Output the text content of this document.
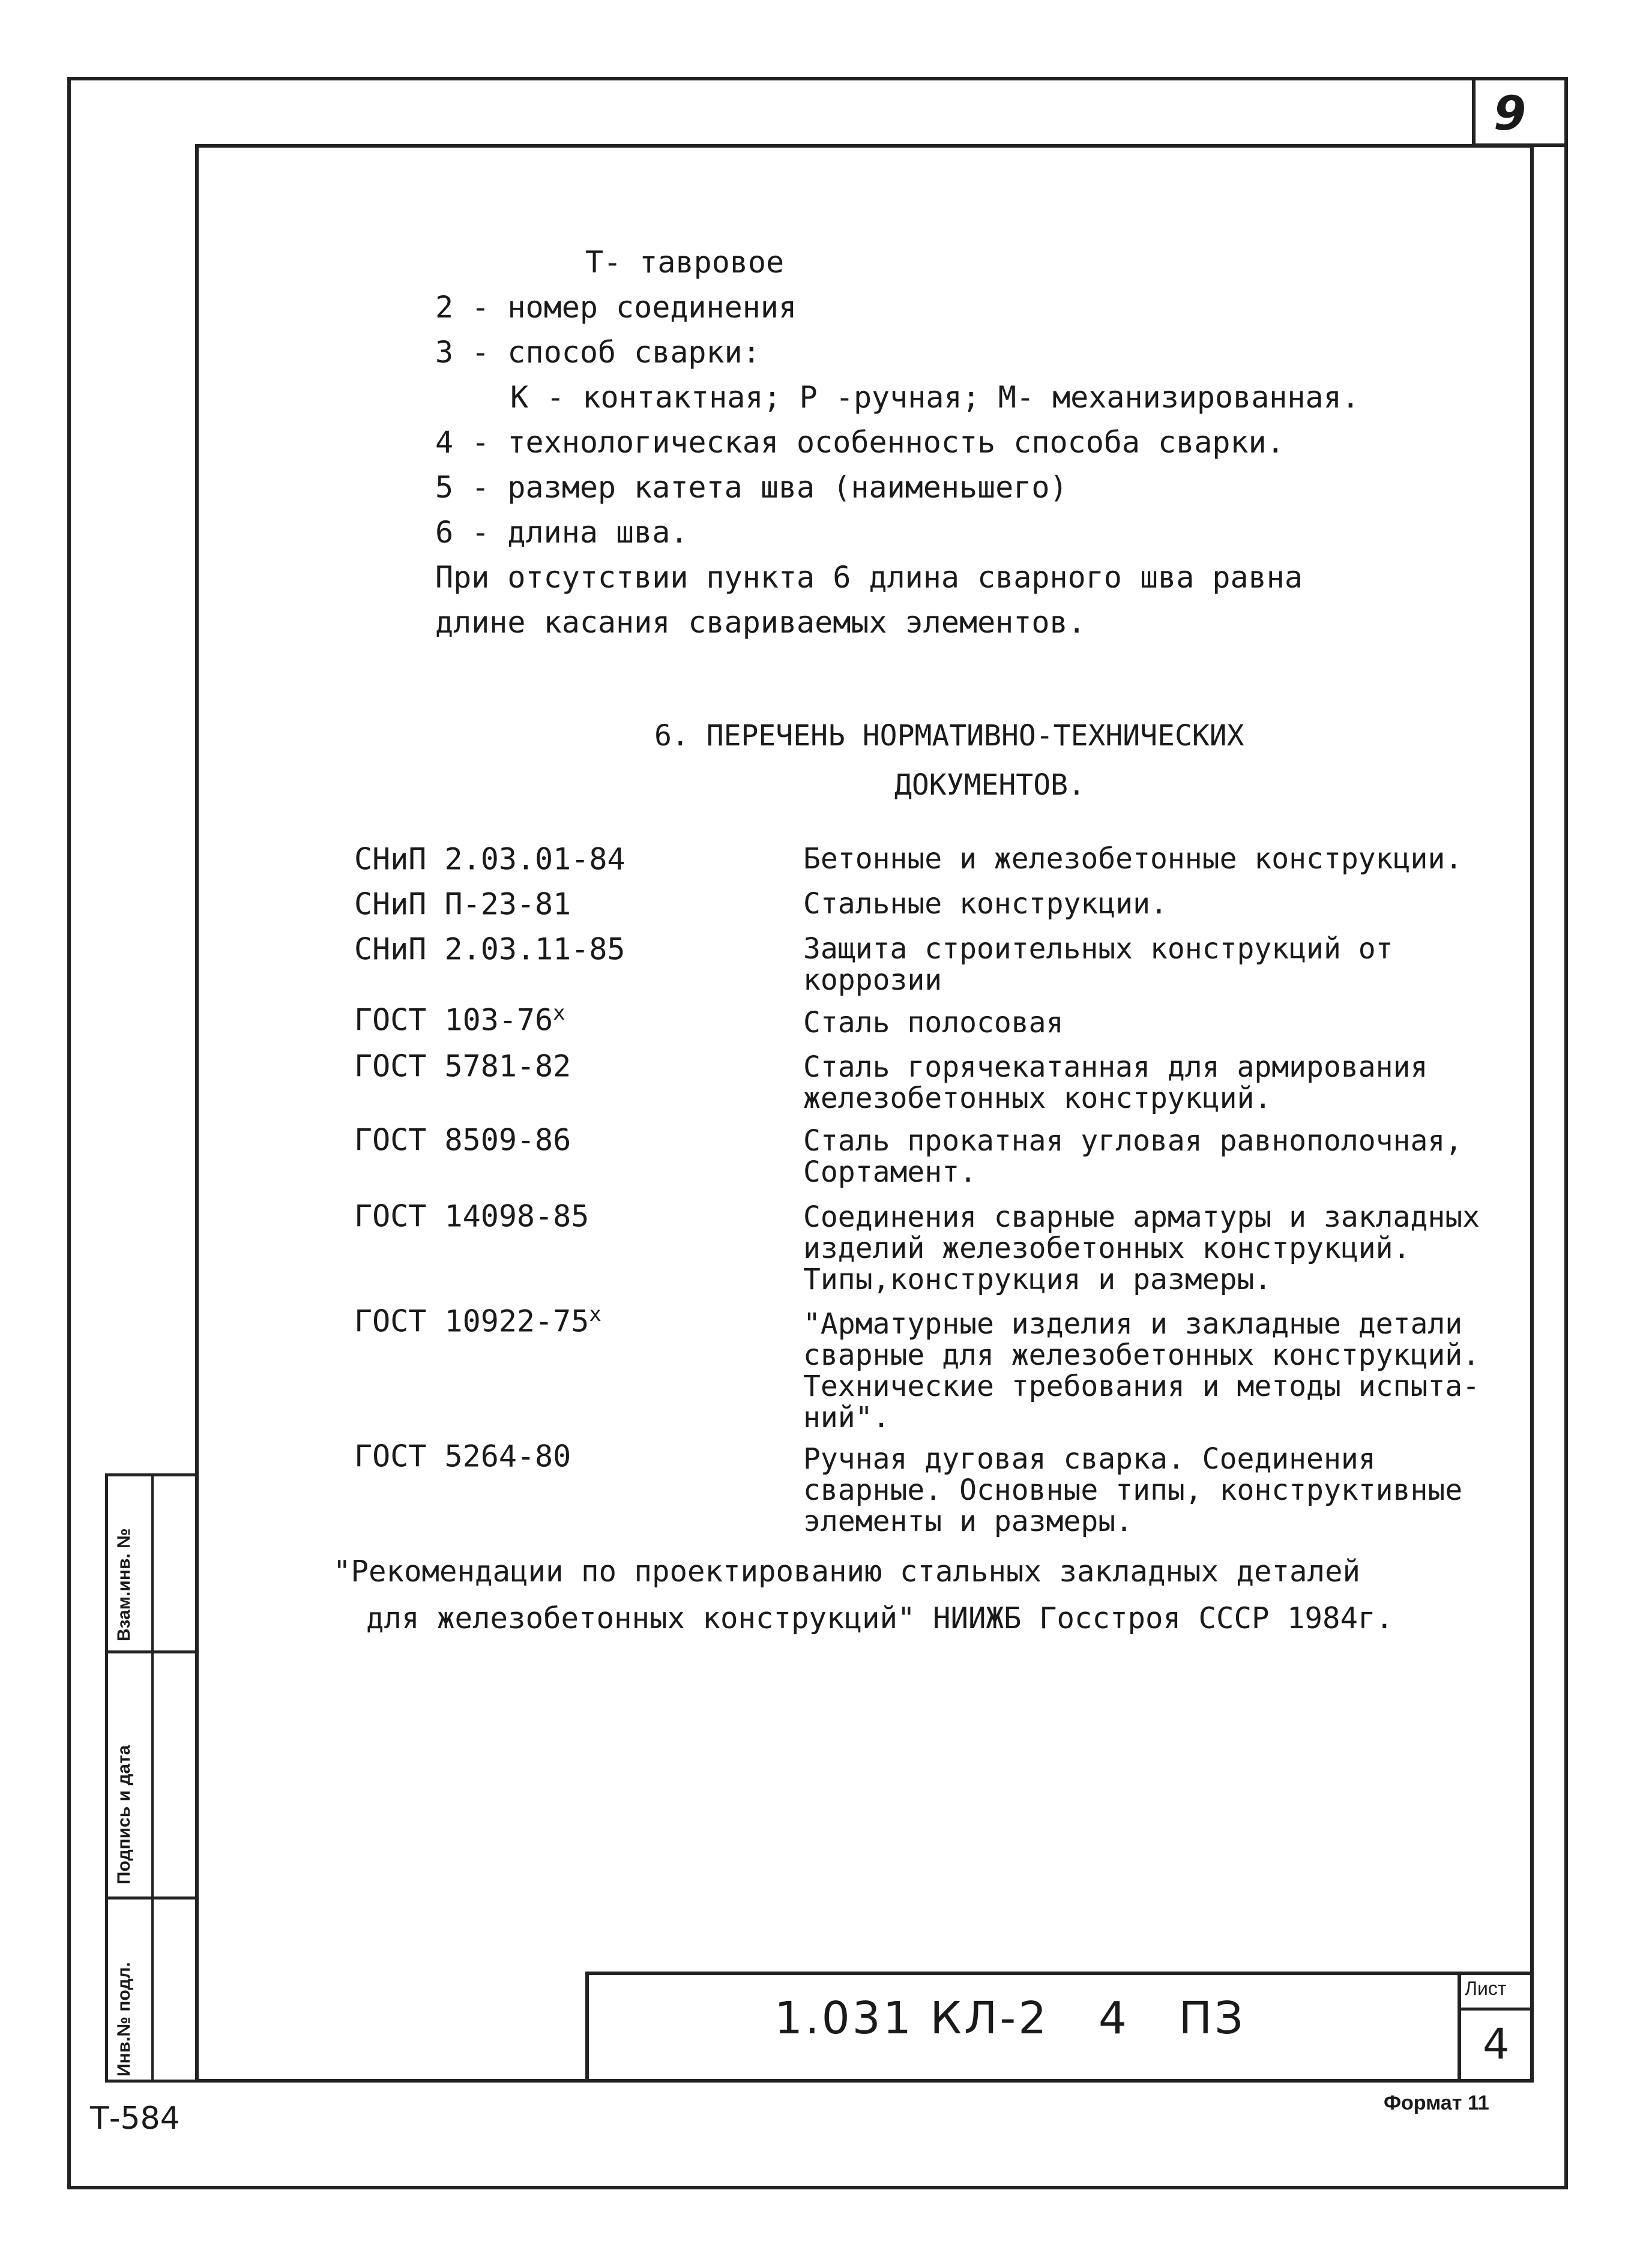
9
Взам.инв. №
Подпись и дата
Инв.№ подл.
Т- тавровое
2 - номер соединения
3 - способ сварки:
К - контактная; Р -ручная; М- механизированная.
4 - технологическая особенность способа сварки.
5 - размер катета шва (наименьшего)
6 - длина шва.
При отсутствии пункта 6 длина сварного шва равна
длине касания свариваемых элементов.
6. ПЕРЕЧЕНЬ НОРМАТИВНО-ТЕХНИЧЕСКИХ
ДОКУМЕНТОВ.
СНиП 2.03.01-84	Бетонные и железобетонные конструкции.
СНиП П-23-81	Стальные конструкции.
СНиП 2.03.11-85	Защита строительных конструкций от
коррозии
ГОСТ 103-76$^x$	Сталь полосовая
ГОСТ 5781-82	Сталь горячекатанная для армирования
железобетонных конструкций.
ГОСТ 8509-86	Сталь прокатная угловая равнополочная,
Сортамент.
ГОСТ 14098-85	Соединения сварные арматуры и закладных
изделий железобетонных конструкций.
Типы,конструкция и размеры.
ГОСТ 10922-75$^x$	"Арматурные изделия и закладные детали
сварные для железобетонных конструкций.
Технические требования и методы испыта-
ний".
ГОСТ 5264-80	Ручная дуговая сварка. Соединения
сварные. Основные типы, конструктивные
элементы и размеры.
"Рекомендации по проектированию стальных закладных деталей
для железобетонных конструкций" НИИЖБ Госстроя СССР 1984г.
1.031 КЛ-2   4   ПЗ
Лист
4
Т-584	Формат 11
